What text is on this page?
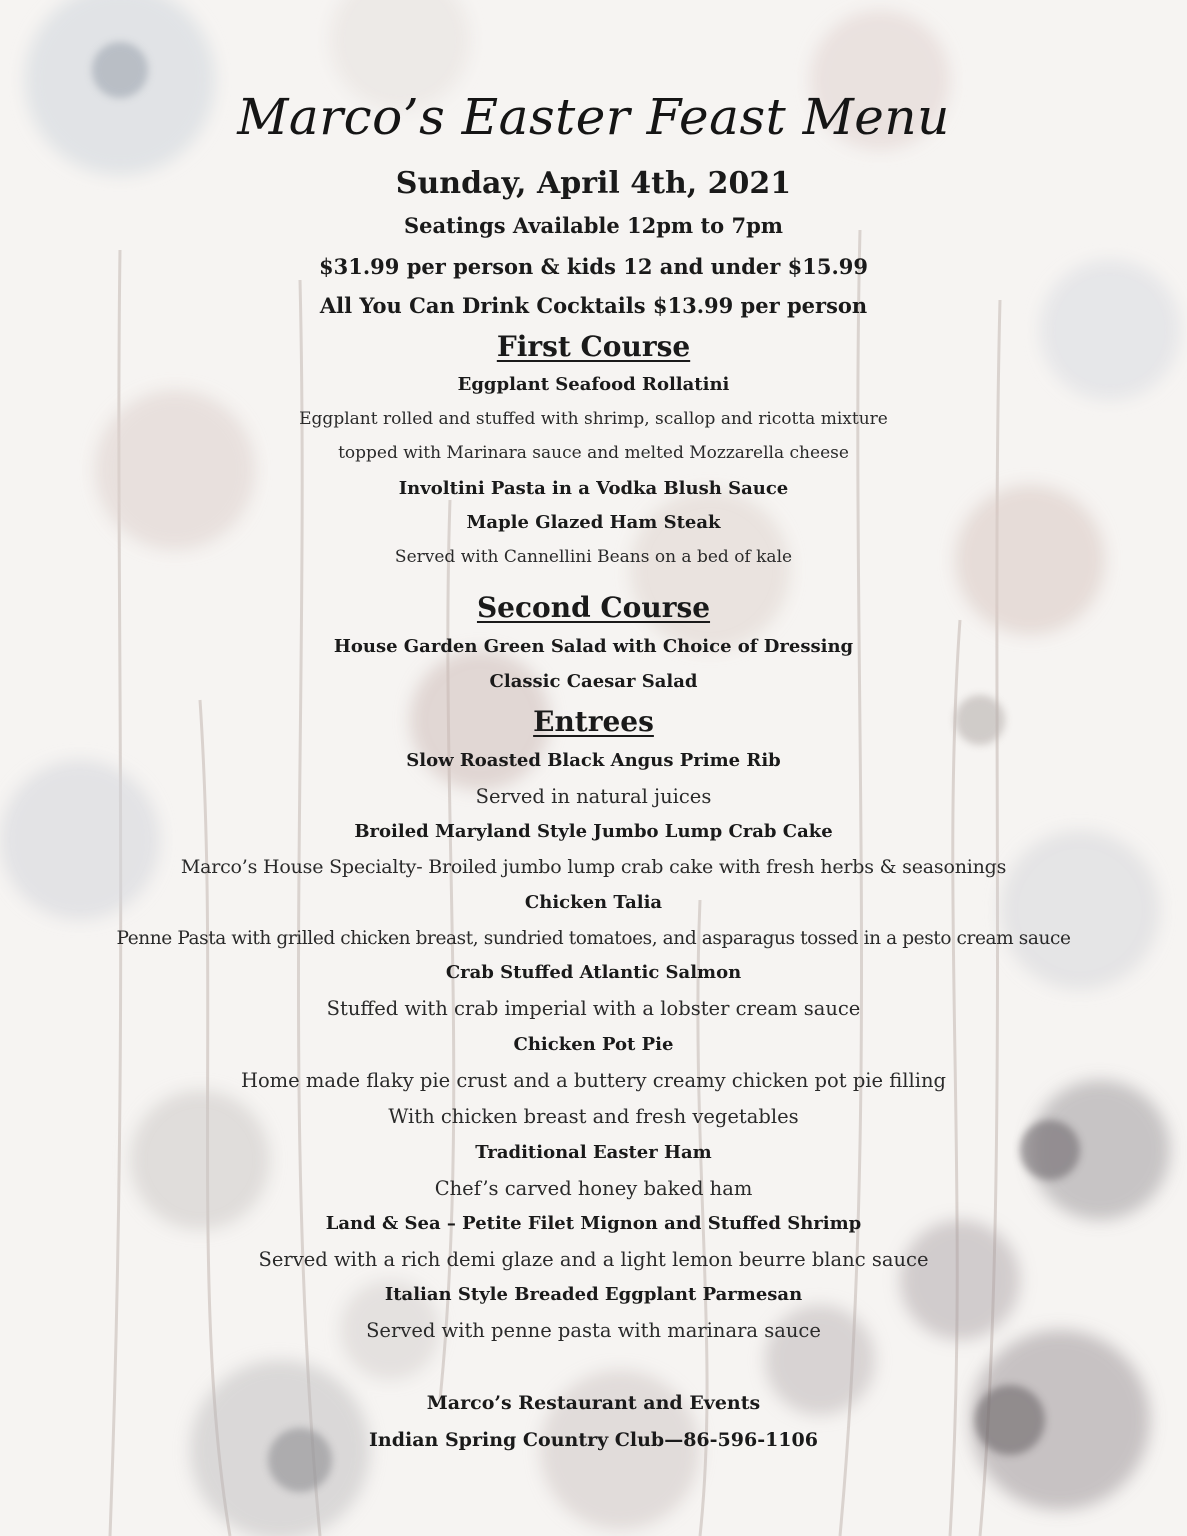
Marco’s Easter Feast Menu
Sunday, April 4th, 2021
Seatings Available 12pm to 7pm
$31.99 per person & kids 12 and under $15.99
All You Can Drink Cocktails $13.99 per person
First Course
Eggplant Seafood Rollatini
Eggplant rolled and stuffed with shrimp, scallop and ricotta mixture
topped with Marinara sauce and melted Mozzarella cheese
Involtini Pasta in a Vodka Blush Sauce
Maple Glazed Ham Steak
Served with Cannellini Beans on a bed of kale
Second Course
House Garden Green Salad with Choice of Dressing
Classic Caesar Salad
Entrees
Slow Roasted Black Angus Prime Rib
Served in natural juices
Broiled Maryland Style Jumbo Lump Crab Cake
Marco’s House Specialty- Broiled jumbo lump crab cake with fresh herbs & seasonings
Chicken Talia
Penne Pasta with grilled chicken breast, sundried tomatoes, and asparagus tossed in a pesto cream sauce
Crab Stuffed Atlantic Salmon
Stuffed with crab imperial with a lobster cream sauce
Chicken Pot Pie
Home made flaky pie crust and a buttery creamy chicken pot pie filling
With chicken breast and fresh vegetables
Traditional Easter Ham
Chef’s carved honey baked ham
Land & Sea – Petite Filet Mignon and Stuffed Shrimp
Served with a rich demi glaze and a light lemon beurre blanc sauce
Italian Style Breaded Eggplant Parmesan
Served with penne pasta with marinara sauce
Marco’s Restaurant and Events
Indian Spring Country Club—86-596-1106
